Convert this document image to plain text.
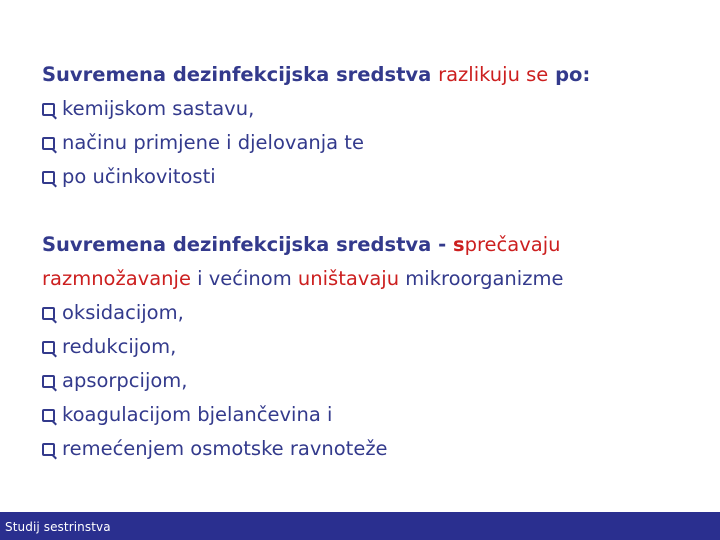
Suvremena dezinfekcijska sredstva razlikuju se po:
kemijskom sastavu,
načinu primjene i djelovanja te
po učinkovitosti
Suvremena dezinfekcijska sredstva - sprečavaju
razmnožavanje i većinom uništavaju mikroorganizme
oksidacijom,
redukcijom,
apsorpcijom,
koagulacijom bjelančevina i
remećenjem osmotske ravnoteže
Studij sestrinstva
